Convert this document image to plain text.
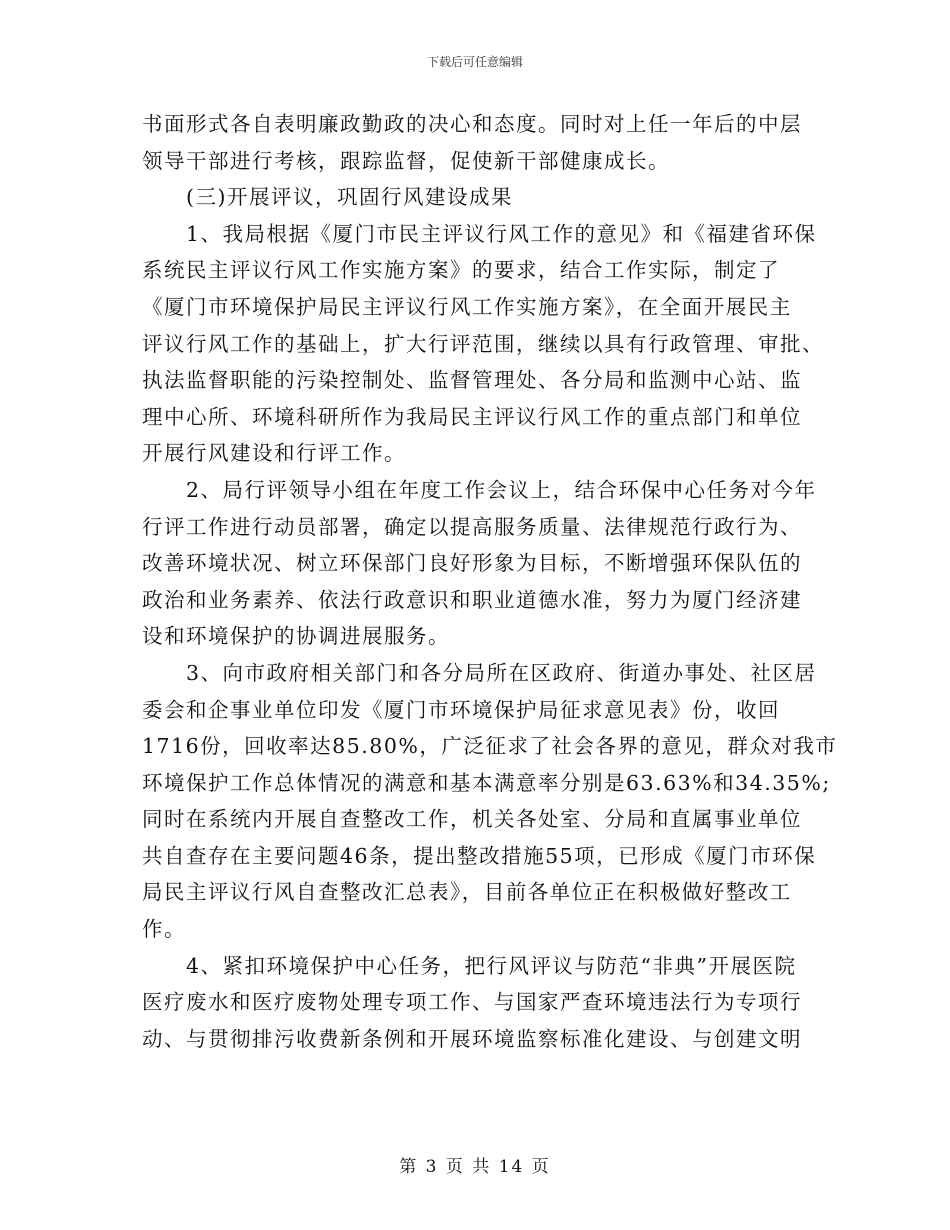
下载后可任意编辑
书面形式各自表明廉政勤政的决心和态度。同时对上任一年后的中层
领导干部进行考核，跟踪监督，促使新干部健康成长。
(三)开展评议，巩固行风建设成果
1、我局根据《厦门市民主评议行风工作的意见》和《福建省环保
系统民主评议行风工作实施方案》的要求，结合工作实际，制定了
《厦门市环境保护局民主评议行风工作实施方案》，在全面开展民主
评议行风工作的基础上，扩大行评范围，继续以具有行政管理、审批、
执法监督职能的污染控制处、监督管理处、各分局和监测中心站、监
理中心所、环境科研所作为我局民主评议行风工作的重点部门和单位
开展行风建设和行评工作。
2、局行评领导小组在年度工作会议上，结合环保中心任务对今年
行评工作进行动员部署，确定以提高服务质量、法律规范行政行为、
改善环境状况、树立环保部门良好形象为目标，不断增强环保队伍的
政治和业务素养、依法行政意识和职业道德水准，努力为厦门经济建
设和环境保护的协调进展服务。
3、向市政府相关部门和各分局所在区政府、街道办事处、社区居
委会和企事业单位印发《厦门市环境保护局征求意见表》份，收回
1716份，回收率达85.80%，广泛征求了社会各界的意见，群众对我市
环境保护工作总体情况的满意和基本满意率分别是63.63%和34.35%;
同时在系统内开展自查整改工作，机关各处室、分局和直属事业单位
共自查存在主要问题46条，提出整改措施55项，已形成《厦门市环保
局民主评议行风自查整改汇总表》，目前各单位正在积极做好整改工
作。
4、紧扣环境保护中心任务，把行风评议与防范“非典”开展医院
医疗废水和医疗废物处理专项工作、与国家严查环境违法行为专项行
动、与贯彻排污收费新条例和开展环境监察标准化建设、与创建文明
第 3 页 共 14 页
